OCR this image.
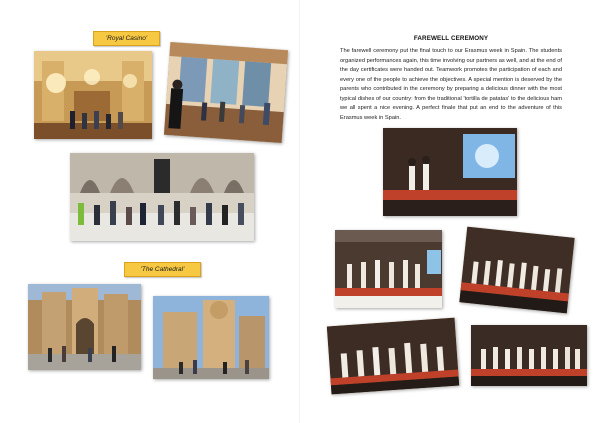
'Royal Casino'
'The Cathedral'
FAREWELL CEREMONY

The farewell ceremony put the final touch to our Erasmus week in Spain. The students organized performances again, this time involving our partners as well, and at the end of the day certificates were handed out. Teamwork promotes the participation of each and every one of the people to achieve the objectives. A special mention is deserved by the parents who contributed in the ceremony by preparing a delicious dinner with the most typical dishes of our country: from the traditional 'tortilla de patatas' to the delicious ham we all spent a nice evening. A perfect finale that put an end to the adventure of this Erasmus week in Spain.
